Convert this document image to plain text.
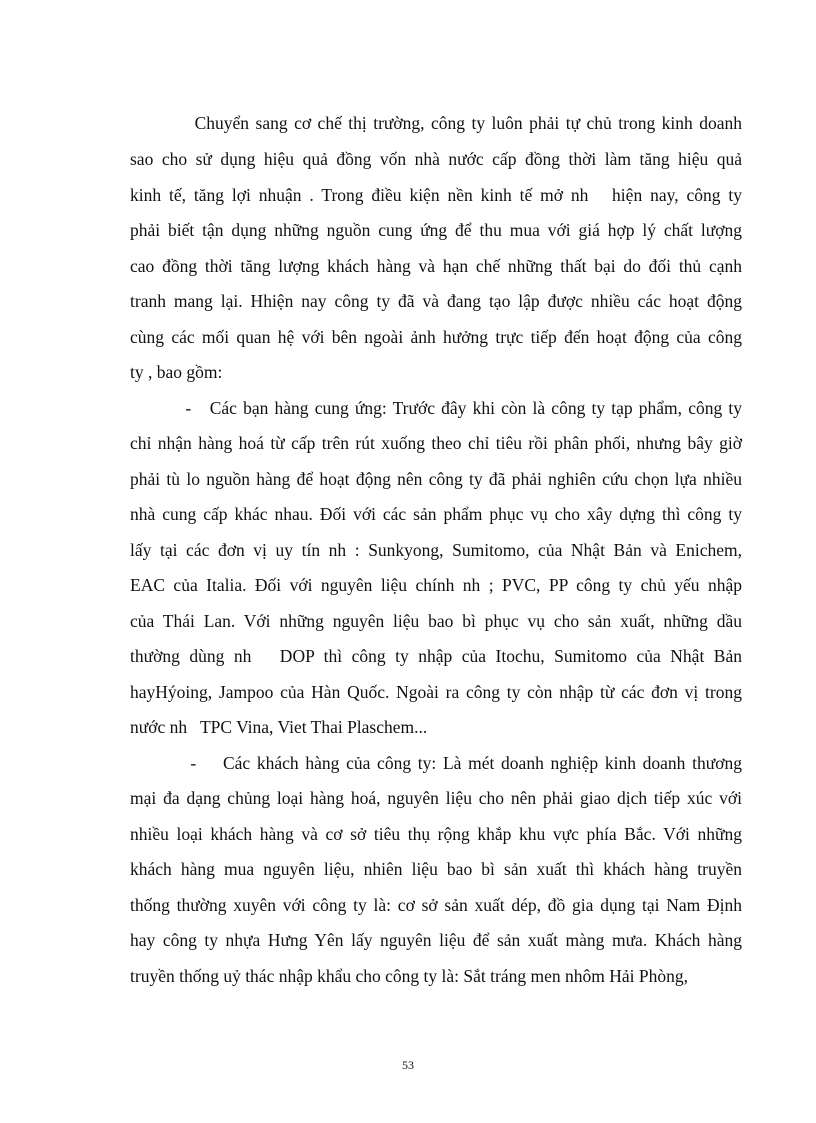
Chuyển sang cơ chế thị trường, công ty luôn phải tự chủ trong kinh doanh
sao cho sử dụng hiệu quả đồng vốn nhà nước cấp đồng thời làm tăng hiệu quả
kinh tế, tăng lợi nhuận . Trong điều kiện nền kinh tế mở nh   hiện nay, công ty
phải biết tận dụng những nguồn cung ứng để thu mua với giá hợp lý chất lượng
cao đồng thời tăng lượng khách hàng và hạn chế những thất bại do đối thủ cạnh
tranh mang lại. Hhiện nay công ty đã và đang tạo lập được nhiều các hoạt động
cùng các mối quan hệ với bên ngoài ảnh hưởng trực tiếp đến hoạt động của công
ty , bao gồm:
-   Các bạn hàng cung ứng: Trước đây khi còn là công ty tạp phẩm, công ty
chỉ nhận hàng hoá từ cấp trên rút xuống theo chỉ tiêu rồi phân phối, nhưng bây giờ
phải tù lo nguồn hàng để hoạt động nên công ty đã phải nghiên cứu chọn lựa nhiều
nhà cung cấp khác nhau. Đối với các sản phẩm phục vụ cho xây dựng thì công ty
lấy tại các đơn vị uy tín nh : Sunkyong, Sumitomo, của Nhật Bản và Enichem,
EAC của Italia. Đối với nguyên liệu chính nh ; PVC, PP công ty chủ yếu nhập
của Thái Lan. Với những nguyên liệu bao bì phục vụ cho sản xuất, những dầu
thường dùng nh   DOP thì công ty nhập của Itochu, Sumitomo của Nhật Bản
hayHýoing, Jampoo của Hàn Quốc. Ngoài ra công ty còn nhập từ các đơn vị trong
nước nh   TPC Vina, Viet Thai Plaschem...
-    Các khách hàng của công ty: Là mét doanh nghiệp kinh doanh thương
mại đa dạng chủng loại hàng hoá, nguyên liệu cho nên phải giao dịch tiếp xúc với
nhiều loại khách hàng và cơ sở tiêu thụ rộng khắp khu vực phía Bắc. Với những
khách hàng mua nguyên liệu, nhiên liệu bao bì sản xuất thì khách hàng truyền
thống thường xuyên với công ty là: cơ sở sản xuất dép, đồ gia dụng tại Nam Định
hay công ty nhựa Hưng Yên lấy nguyên liệu để sản xuất màng mưa. Khách hàng
truyền thống uỷ thác nhập khẩu cho công ty là: Sắt tráng men nhôm Hải Phòng,
53
